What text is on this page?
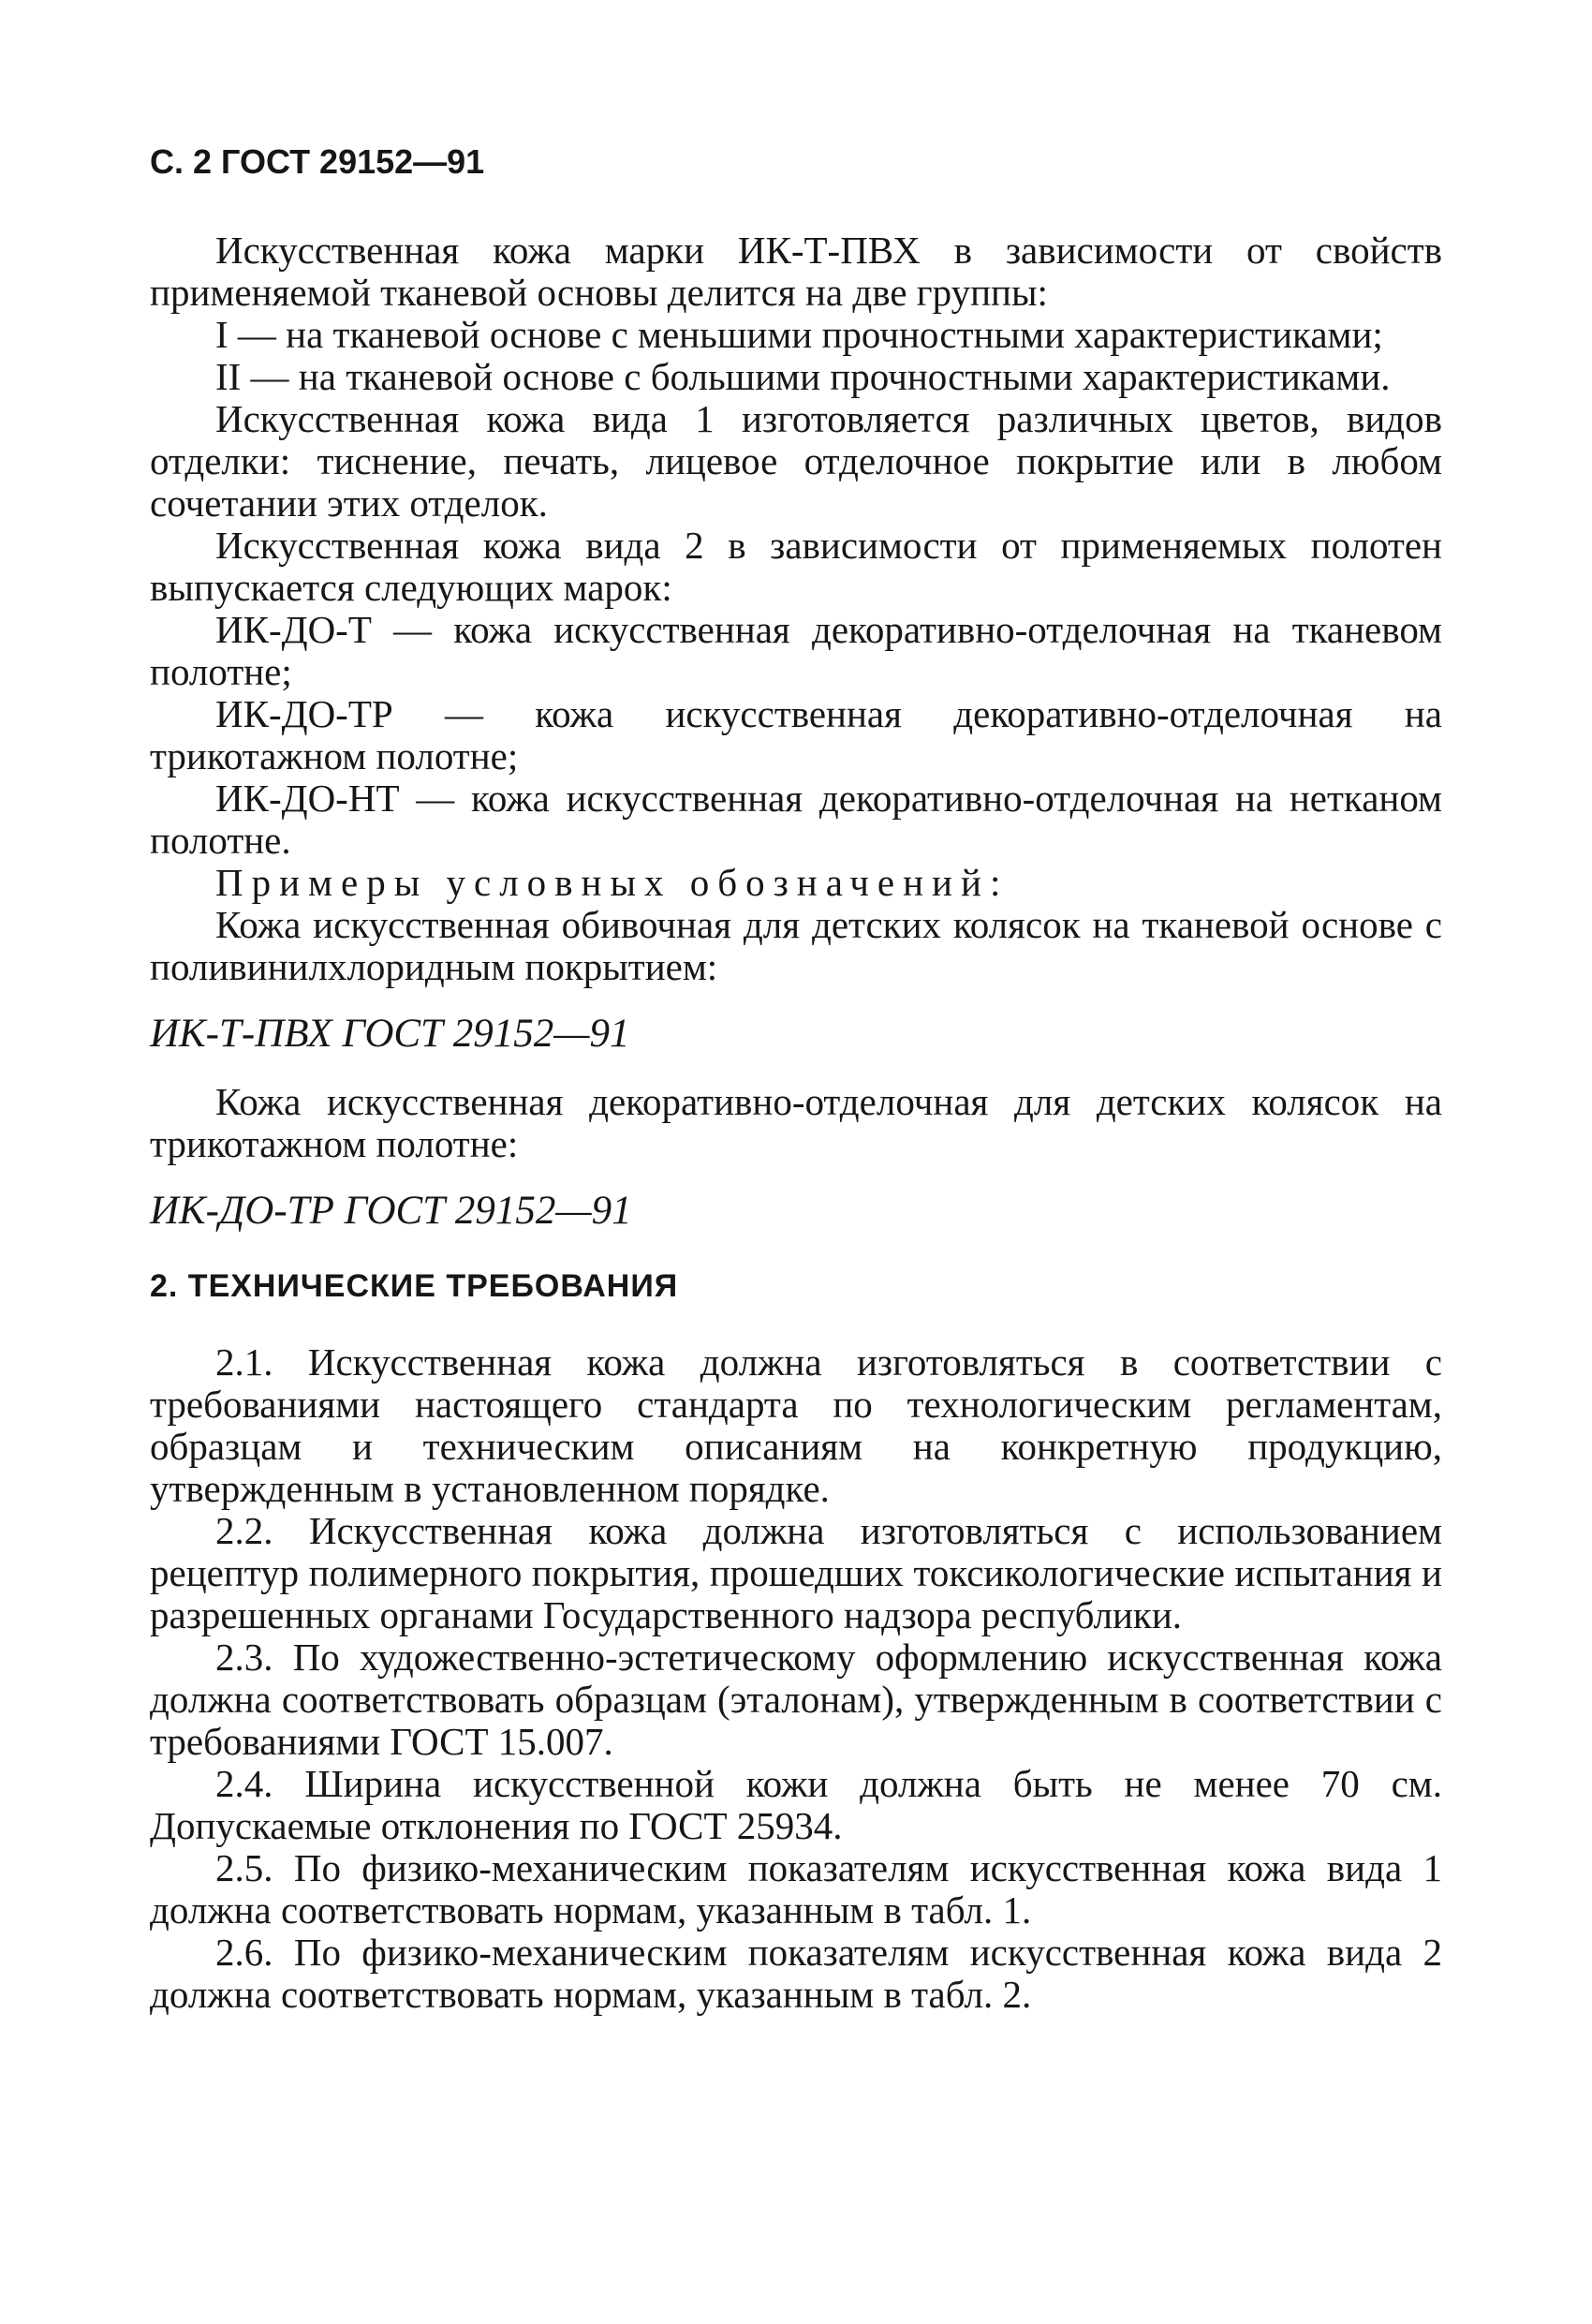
С. 2 ГОСТ 29152—91

Искусственная кожа марки ИК-Т-ПВХ в зависимости от свойств применяемой тканевой основы делится на две группы:

I — на тканевой основе с меньшими прочностными характеристиками;

II — на тканевой основе с большими прочностными характеристиками.

Искусственная кожа вида 1 изготовляется различных цветов, видов отделки: тиснение, печать, лицевое отделочное покрытие или в любом сочетании этих отделок.

Искусственная кожа вида 2 в зависимости от применяемых полотен выпускается следующих марок:

ИК-ДО-Т — кожа искусственная декоративно-отделочная на тканевом полотне;

ИК-ДО-ТР — кожа искусственная декоративно-отделочная на трикотажном полотне;

ИК-ДО-НТ — кожа искусственная декоративно-отделочная на нетканом полотне.

Примеры условных обозначений:

Кожа искусственная обивочная для детских колясок на тканевой основе с поливинилхлоридным покрытием:

ИК-Т-ПВХ ГОСТ 29152—91

Кожа искусственная декоративно-отделочная для детских колясок на трикотажном полотне:

ИК-ДО-ТР ГОСТ 29152—91

2. ТЕХНИЧЕСКИЕ ТРЕБОВАНИЯ

2.1. Искусственная кожа должна изготовляться в соответствии с требованиями настоящего стандарта по технологическим регламентам, образцам и техническим описаниям на конкретную продукцию, утвержденным в установленном порядке.

2.2. Искусственная кожа должна изготовляться с использованием рецептур полимерного покрытия, прошедших токсикологические испытания и разрешенных органами Государственного надзора республики.

2.3. По художественно-эстетическому оформлению искусственная кожа должна соответствовать образцам (эталонам), утвержденным в соответствии с требованиями ГОСТ 15.007.

2.4. Ширина искусственной кожи должна быть не менее 70 см. Допускаемые отклонения по ГОСТ 25934.

2.5. По физико-механическим показателям искусственная кожа вида 1 должна соответствовать нормам, указанным в табл. 1.

2.6. По физико-механическим показателям искусственная кожа вида 2 должна соответствовать нормам, указанным в табл. 2.
